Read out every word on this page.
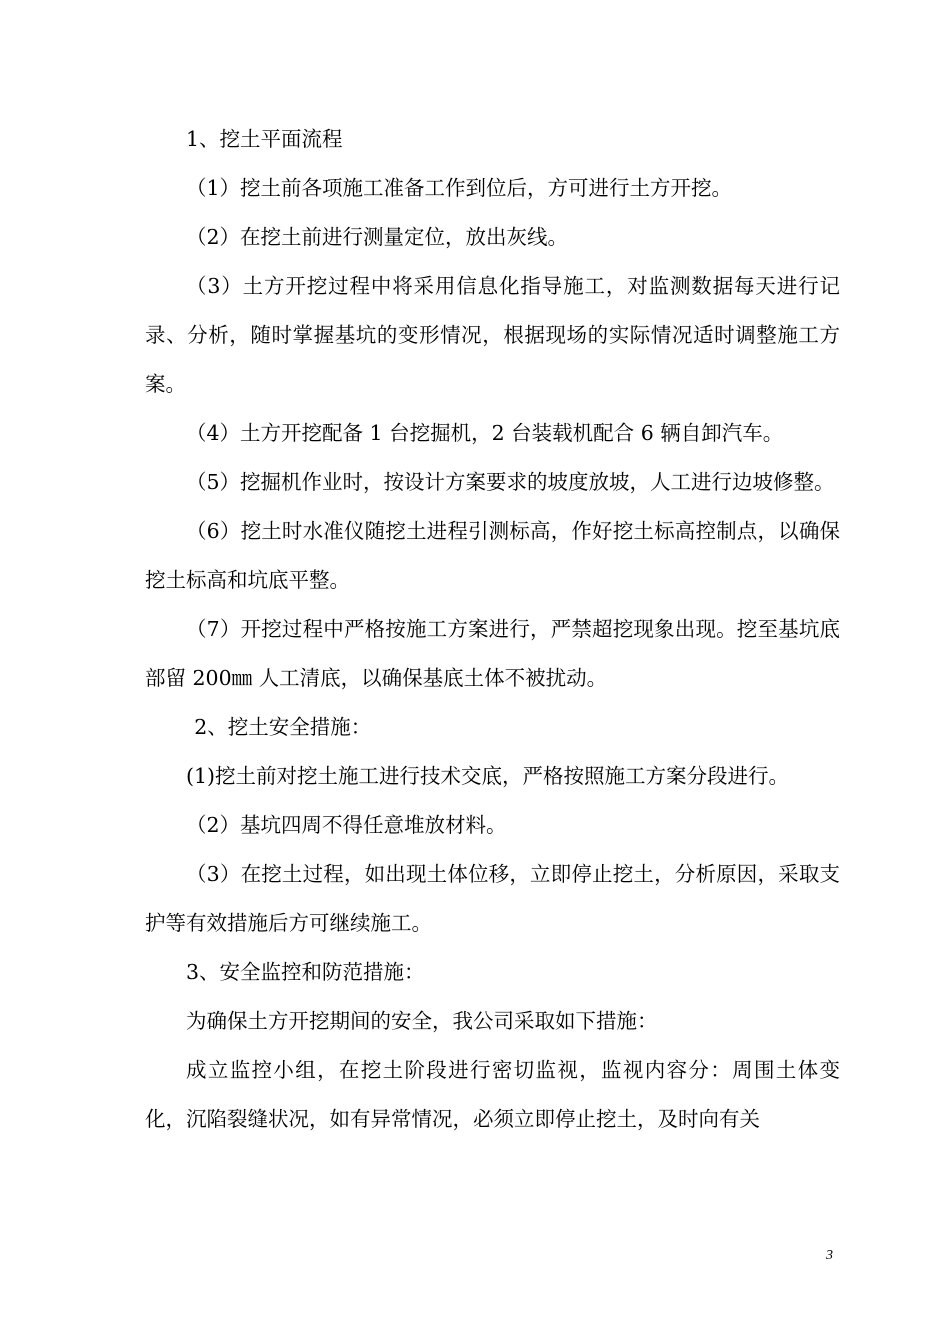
1、挖土平面流程

（1）挖土前各项施工准备工作到位后，方可进行土方开挖。

（2）在挖土前进行测量定位，放出灰线。

（3）土方开挖过程中将采用信息化指导施工，对监测数据每天进行记录、分析，随时掌握基坑的变形情况，根据现场的实际情况适时调整施工方案。

（4）土方开挖配备 1 台挖掘机，2 台装载机配合 6 辆自卸汽车。

（5）挖掘机作业时，按设计方案要求的坡度放坡，人工进行边坡修整。

（6）挖土时水准仪随挖土进程引测标高，作好挖土标高控制点，以确保挖土标高和坑底平整。

（7）开挖过程中严格按施工方案进行，严禁超挖现象出现。挖至基坑底部留 200㎜ 人工清底，以确保基底土体不被扰动。

2、挖土安全措施：

(1)挖土前对挖土施工进行技术交底，严格按照施工方案分段进行。

（2）基坑四周不得任意堆放材料。

（3）在挖土过程，如出现土体位移，立即停止挖土，分析原因，采取支护等有效措施后方可继续施工。

3、安全监控和防范措施：

为确保土方开挖期间的安全，我公司采取如下措施：

成立监控小组，在挖土阶段进行密切监视，监视内容分：周围土体变化，沉陷裂缝状况，如有异常情况，必须立即停止挖土，及时向有关

3
